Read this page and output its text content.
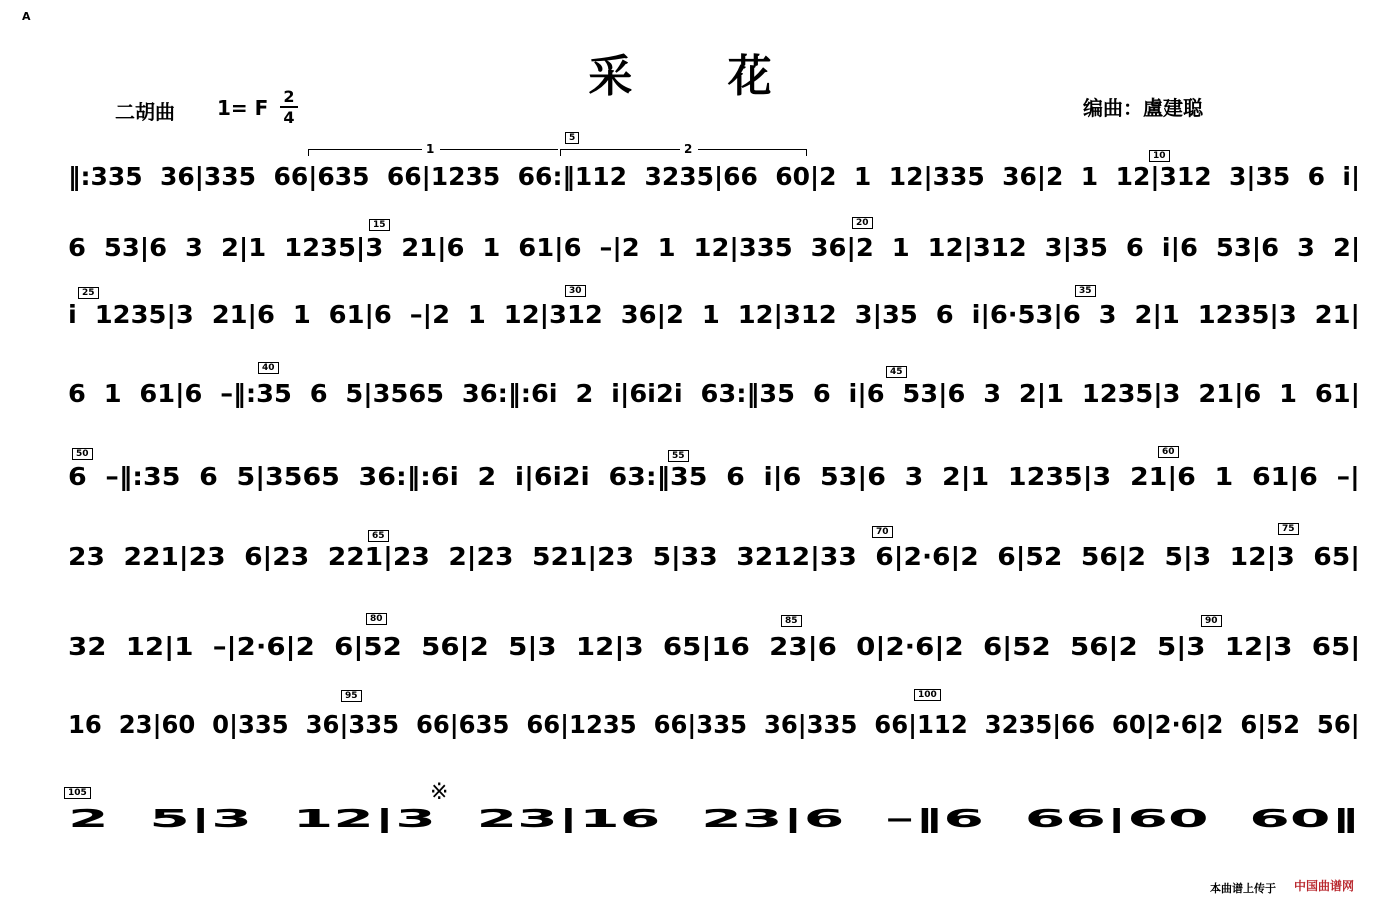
A
采 花
二胡曲 1= F 2
4	编曲：盧建聪
1	2
‖:335  36|335  66|635  66|1235  66:‖112  3235|66  60|2  1  12|335  36|2  1  12|312  3|35  6  i|
6  53|6  3  2|1  1235|3  21|6  1  61|6  –|2  1  12|335  36|2  1  12|312  3|35  6  i|6  53|6  3  2|
i  1235|3  21|6  1  61|6  –|2  1  12|312  36|2  1  12|312  3|35  6  i|6·53|6  3  2|1  1235|3  21|
6  1  61|6  –‖:35  6  5|3565  36:‖:6i  2  i|6i2i  63:‖35  6  i|6  53|6  3  2|1  1235|3  21|6  1  61|
6  –‖:35  6  5|3565  36:‖:6i  2  i|6i2i  63:‖35  6  i|6  53|6  3  2|1  1235|3  21|6  1  61|6  –|
23  221|23  6|23  221|23  2|23  521|23  5|33  3212|33  6|2·6|2  6|52  56|2  5|3  12|3  65|
32  12|1  –|2·6|2  6|52  56|2  5|3  12|3  65|16  23|6  0|2·6|2  6|52  56|2  5|3  12|3  65|
16  23|60  0|335  36|335  66|635  66|1235  66|335  36|335  66|112  3235|66  60|2·6|2  6|52  56|
2  5|3  12|3  23|16  23|6  –‖6  66|60  60‖
5
10
15	20
25	30	35
40	45
50	55	60
65	70	75
80	85	90
95	100
105	※
本曲谱上传于 中国曲谱网
